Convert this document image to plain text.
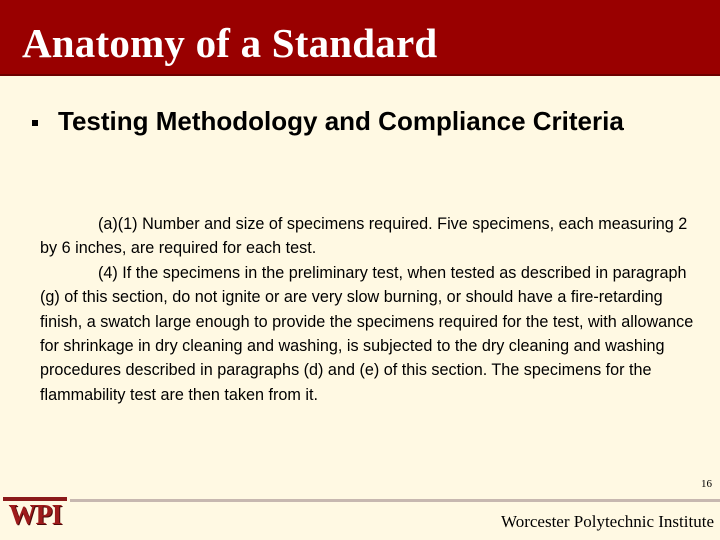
Anatomy of a Standard

Testing Methodology and Compliance Criteria

(a)(1) Number and size of specimens required. Five specimens, each measuring 2 by 6 inches, are required for each test.
(4) If the specimens in the preliminary test, when tested as described in paragraph (g) of this section, do not ignite or are very slow burning, or should have a fire-retarding finish, a swatch large enough to provide the specimens required for the test, with allowance for shrinkage in dry cleaning and washing, is subjected to the dry cleaning and washing procedures described in paragraphs (d) and (e) of this section. The specimens for the flammability test are then taken from it.
16
WPI	Worcester Polytechnic Institute
